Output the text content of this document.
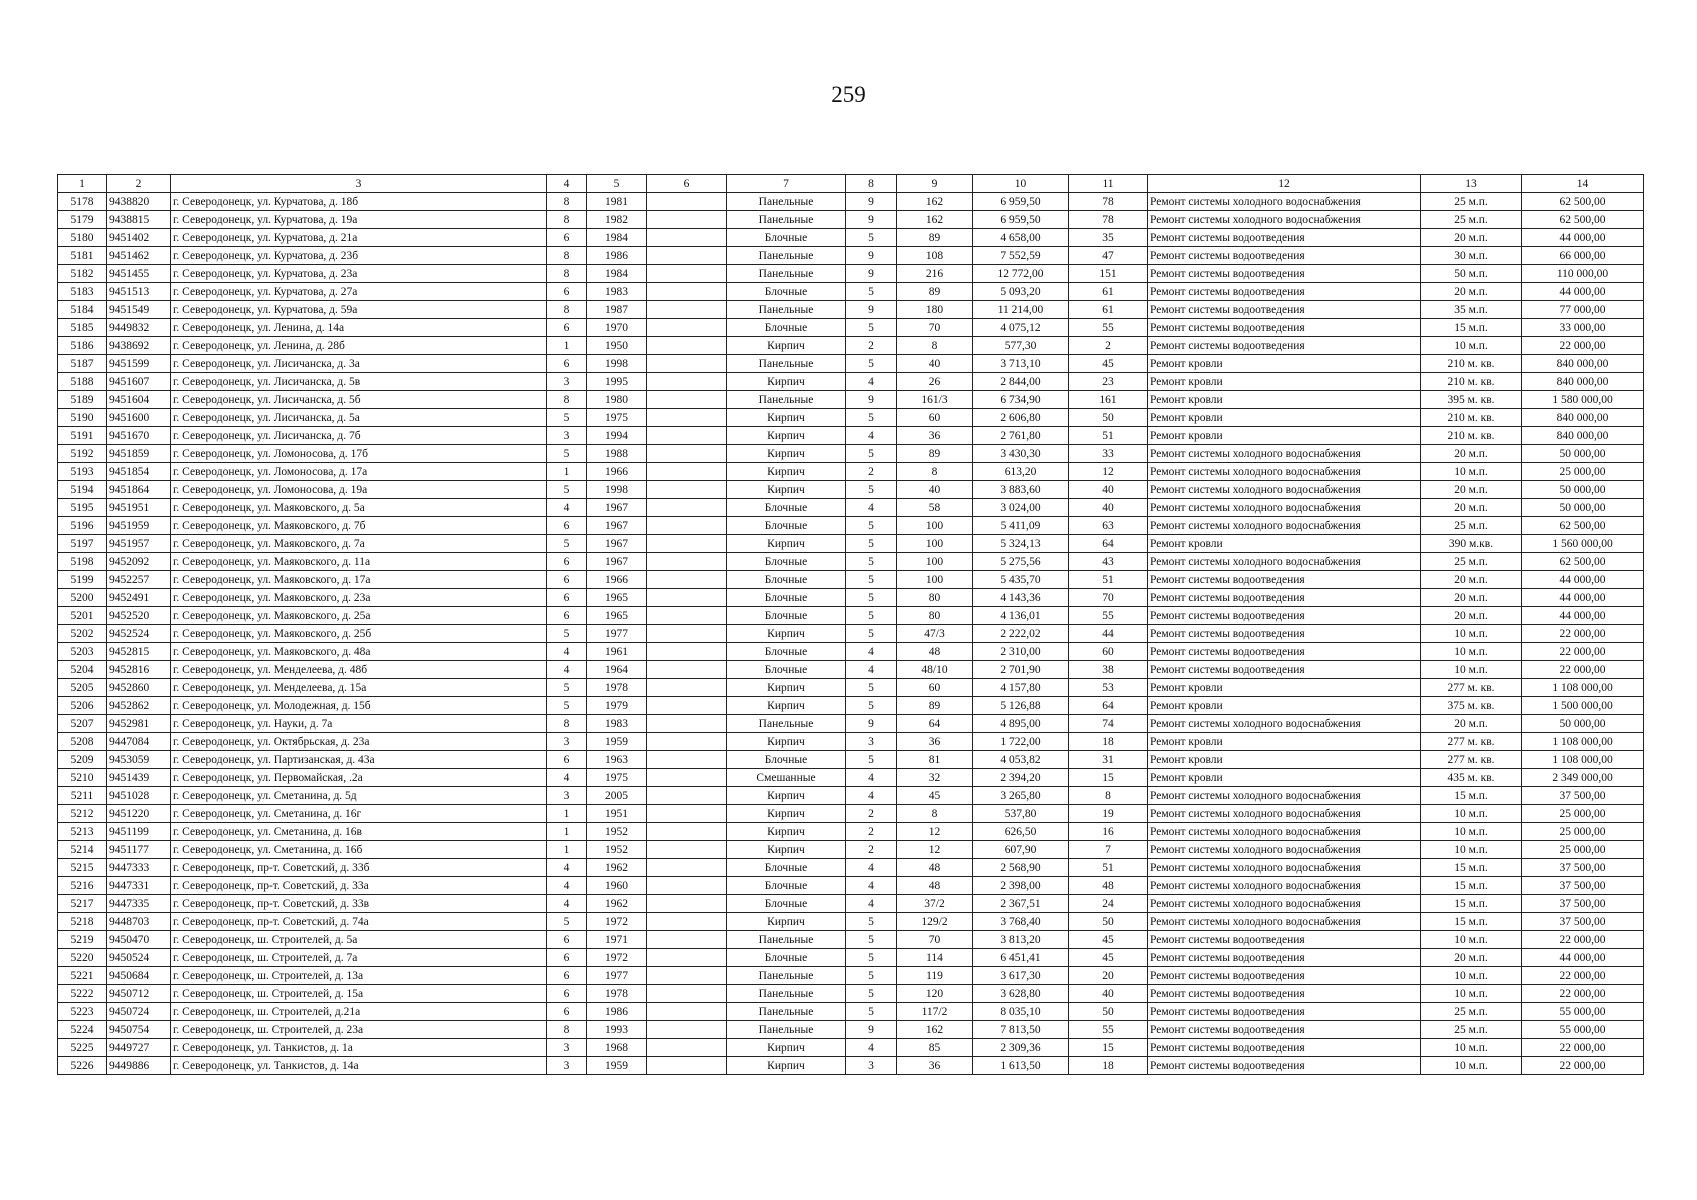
259
1	2	3	4	5	6	7	8	9	10	11	12	13	14
5178	9438820	г. Северодонецк, ул. Курчатова, д. 18б	8	1981		Панельные	9	162	6 959,50	78	Ремонт системы холодного водоснабжения	25 м.п.	62 500,00
5179	9438815	г. Северодонецк, ул. Курчатова, д. 19а	8	1982		Панельные	9	162	6 959,50	78	Ремонт системы холодного водоснабжения	25 м.п.	62 500,00
5180	9451402	г. Северодонецк, ул. Курчатова, д. 21а	6	1984		Блочные	5	89	4 658,00	35	Ремонт системы водоотведения	20 м.п.	44 000,00
5181	9451462	г. Северодонецк, ул. Курчатова, д. 23б	8	1986		Панельные	9	108	7 552,59	47	Ремонт системы водоотведения	30 м.п.	66 000,00
5182	9451455	г. Северодонецк, ул. Курчатова, д. 23а	8	1984		Панельные	9	216	12 772,00	151	Ремонт системы водоотведения	50 м.п.	110 000,00
5183	9451513	г. Северодонецк, ул. Курчатова, д. 27а	6	1983		Блочные	5	89	5 093,20	61	Ремонт системы водоотведения	20 м.п.	44 000,00
5184	9451549	г. Северодонецк, ул. Курчатова, д. 59а	8	1987		Панельные	9	180	11 214,00	61	Ремонт системы водоотведения	35 м.п.	77 000,00
5185	9449832	г. Северодонецк, ул. Ленина, д. 14а	6	1970		Блочные	5	70	4 075,12	55	Ремонт системы водоотведения	15 м.п.	33 000,00
5186	9438692	г. Северодонецк, ул. Ленина, д. 28б	1	1950		Кирпич	2	8	577,30	2	Ремонт системы водоотведения	10 м.п.	22 000,00
5187	9451599	г. Северодонецк, ул. Лисичанска, д. 3а	6	1998		Панельные	5	40	3 713,10	45	Ремонт кровли	210 м. кв.	840 000,00
5188	9451607	г. Северодонецк, ул. Лисичанска, д. 5в	3	1995		Кирпич	4	26	2 844,00	23	Ремонт кровли	210 м. кв.	840 000,00
5189	9451604	г. Северодонецк, ул. Лисичанска, д. 5б	8	1980		Панельные	9	161/3	6 734,90	161	Ремонт кровли	395 м. кв.	1 580 000,00
5190	9451600	г. Северодонецк, ул. Лисичанска, д. 5а	5	1975		Кирпич	5	60	2 606,80	50	Ремонт кровли	210 м. кв.	840 000,00
5191	9451670	г. Северодонецк, ул. Лисичанска, д. 7б	3	1994		Кирпич	4	36	2 761,80	51	Ремонт кровли	210 м. кв.	840 000,00
5192	9451859	г. Северодонецк, ул. Ломоносова, д. 17б	5	1988		Кирпич	5	89	3 430,30	33	Ремонт системы холодного водоснабжения	20 м.п.	50 000,00
5193	9451854	г. Северодонецк, ул. Ломоносова, д. 17а	1	1966		Кирпич	2	8	613,20	12	Ремонт системы холодного водоснабжения	10 м.п.	25 000,00
5194	9451864	г. Северодонецк, ул. Ломоносова, д. 19а	5	1998		Кирпич	5	40	3 883,60	40	Ремонт системы холодного водоснабжения	20 м.п.	50 000,00
5195	9451951	г. Северодонецк, ул. Маяковского, д. 5а	4	1967		Блочные	4	58	3 024,00	40	Ремонт системы холодного водоснабжения	20 м.п.	50 000,00
5196	9451959	г. Северодонецк, ул. Маяковского, д. 7б	6	1967		Блочные	5	100	5 411,09	63	Ремонт системы холодного водоснабжения	25 м.п.	62 500,00
5197	9451957	г. Северодонецк, ул. Маяковского, д. 7а	5	1967		Кирпич	5	100	5 324,13	64	Ремонт кровли	390 м.кв.	1 560 000,00
5198	9452092	г. Северодонецк, ул. Маяковского, д. 11а	6	1967		Блочные	5	100	5 275,56	43	Ремонт системы холодного водоснабжения	25 м.п.	62 500,00
5199	9452257	г. Северодонецк, ул. Маяковского, д. 17а	6	1966		Блочные	5	100	5 435,70	51	Ремонт системы водоотведения	20 м.п.	44 000,00
5200	9452491	г. Северодонецк, ул. Маяковского, д. 23а	6	1965		Блочные	5	80	4 143,36	70	Ремонт системы водоотведения	20 м.п.	44 000,00
5201	9452520	г. Северодонецк, ул. Маяковского, д. 25а	6	1965		Блочные	5	80	4 136,01	55	Ремонт системы водоотведения	20 м.п.	44 000,00
5202	9452524	г. Северодонецк, ул. Маяковского, д. 25б	5	1977		Кирпич	5	47/3	2 222,02	44	Ремонт системы водоотведения	10 м.п.	22 000,00
5203	9452815	г. Северодонецк, ул. Маяковского, д. 48а	4	1961		Блочные	4	48	2 310,00	60	Ремонт системы водоотведения	10 м.п.	22 000,00
5204	9452816	г. Северодонецк, ул. Менделеева, д. 48б	4	1964		Блочные	4	48/10	2 701,90	38	Ремонт системы водоотведения	10 м.п.	22 000,00
5205	9452860	г. Северодонецк, ул. Менделеева, д. 15а	5	1978		Кирпич	5	60	4 157,80	53	Ремонт кровли	277 м. кв.	1 108 000,00
5206	9452862	г. Северодонецк, ул. Молодежная, д. 15б	5	1979		Кирпич	5	89	5 126,88	64	Ремонт кровли	375 м. кв.	1 500 000,00
5207	9452981	г. Северодонецк, ул. Науки, д. 7а	8	1983		Панельные	9	64	4 895,00	74	Ремонт системы холодного водоснабжения	20 м.п.	50 000,00
5208	9447084	г. Северодонецк, ул. Октябрьская, д. 23а	3	1959		Кирпич	3	36	1 722,00	18	Ремонт кровли	277 м. кв.	1 108 000,00
5209	9453059	г. Северодонецк, ул. Партизанская, д. 43а	6	1963		Блочные	5	81	4 053,82	31	Ремонт кровли	277 м. кв.	1 108 000,00
5210	9451439	г. Северодонецк, ул. Первомайская, .2а	4	1975		Смешанные	4	32	2 394,20	15	Ремонт кровли	435 м. кв.	2 349 000,00
5211	9451028	г. Северодонецк, ул. Сметанина, д. 5д	3	2005		Кирпич	4	45	3 265,80	8	Ремонт системы холодного водоснабжения	15 м.п.	37 500,00
5212	9451220	г. Северодонецк, ул. Сметанина, д. 16г	1	1951		Кирпич	2	8	537,80	19	Ремонт системы холодного водоснабжения	10 м.п.	25 000,00
5213	9451199	г. Северодонецк, ул. Сметанина, д. 16в	1	1952		Кирпич	2	12	626,50	16	Ремонт системы холодного водоснабжения	10 м.п.	25 000,00
5214	9451177	г. Северодонецк, ул. Сметанина, д. 16б	1	1952		Кирпич	2	12	607,90	7	Ремонт системы холодного водоснабжения	10 м.п.	25 000,00
5215	9447333	г. Северодонецк, пр-т. Советский, д. 33б	4	1962		Блочные	4	48	2 568,90	51	Ремонт системы холодного водоснабжения	15 м.п.	37 500,00
5216	9447331	г. Северодонецк, пр-т. Советский, д. 33а	4	1960		Блочные	4	48	2 398,00	48	Ремонт системы холодного водоснабжения	15 м.п.	37 500,00
5217	9447335	г. Северодонецк, пр-т. Советский, д. 33в	4	1962		Блочные	4	37/2	2 367,51	24	Ремонт системы холодного водоснабжения	15 м.п.	37 500,00
5218	9448703	г. Северодонецк, пр-т. Советский, д. 74а	5	1972		Кирпич	5	129/2	3 768,40	50	Ремонт системы холодного водоснабжения	15 м.п.	37 500,00
5219	9450470	г. Северодонецк, ш. Строителей, д. 5а	6	1971		Панельные	5	70	3 813,20	45	Ремонт системы водоотведения	10 м.п.	22 000,00
5220	9450524	г. Северодонецк, ш. Строителей, д. 7а	6	1972		Блочные	5	114	6 451,41	45	Ремонт системы водоотведения	20 м.п.	44 000,00
5221	9450684	г. Северодонецк, ш. Строителей, д. 13а	6	1977		Панельные	5	119	3 617,30	20	Ремонт системы водоотведения	10 м.п.	22 000,00
5222	9450712	г. Северодонецк, ш. Строителей, д. 15а	6	1978		Панельные	5	120	3 628,80	40	Ремонт системы водоотведения	10 м.п.	22 000,00
5223	9450724	г. Северодонецк, ш. Строителей, д.21а	6	1986		Панельные	5	117/2	8 035,10	50	Ремонт системы водоотведения	25 м.п.	55 000,00
5224	9450754	г. Северодонецк, ш. Строителей, д. 23а	8	1993		Панельные	9	162	7 813,50	55	Ремонт системы водоотведения	25 м.п.	55 000,00
5225	9449727	г. Северодонецк, ул. Танкистов, д. 1а	3	1968		Кирпич	4	85	2 309,36	15	Ремонт системы водоотведения	10 м.п.	22 000,00
5226	9449886	г. Северодонецк, ул. Танкистов, д. 14а	3	1959		Кирпич	3	36	1 613,50	18	Ремонт системы водоотведения	10 м.п.	22 000,00
